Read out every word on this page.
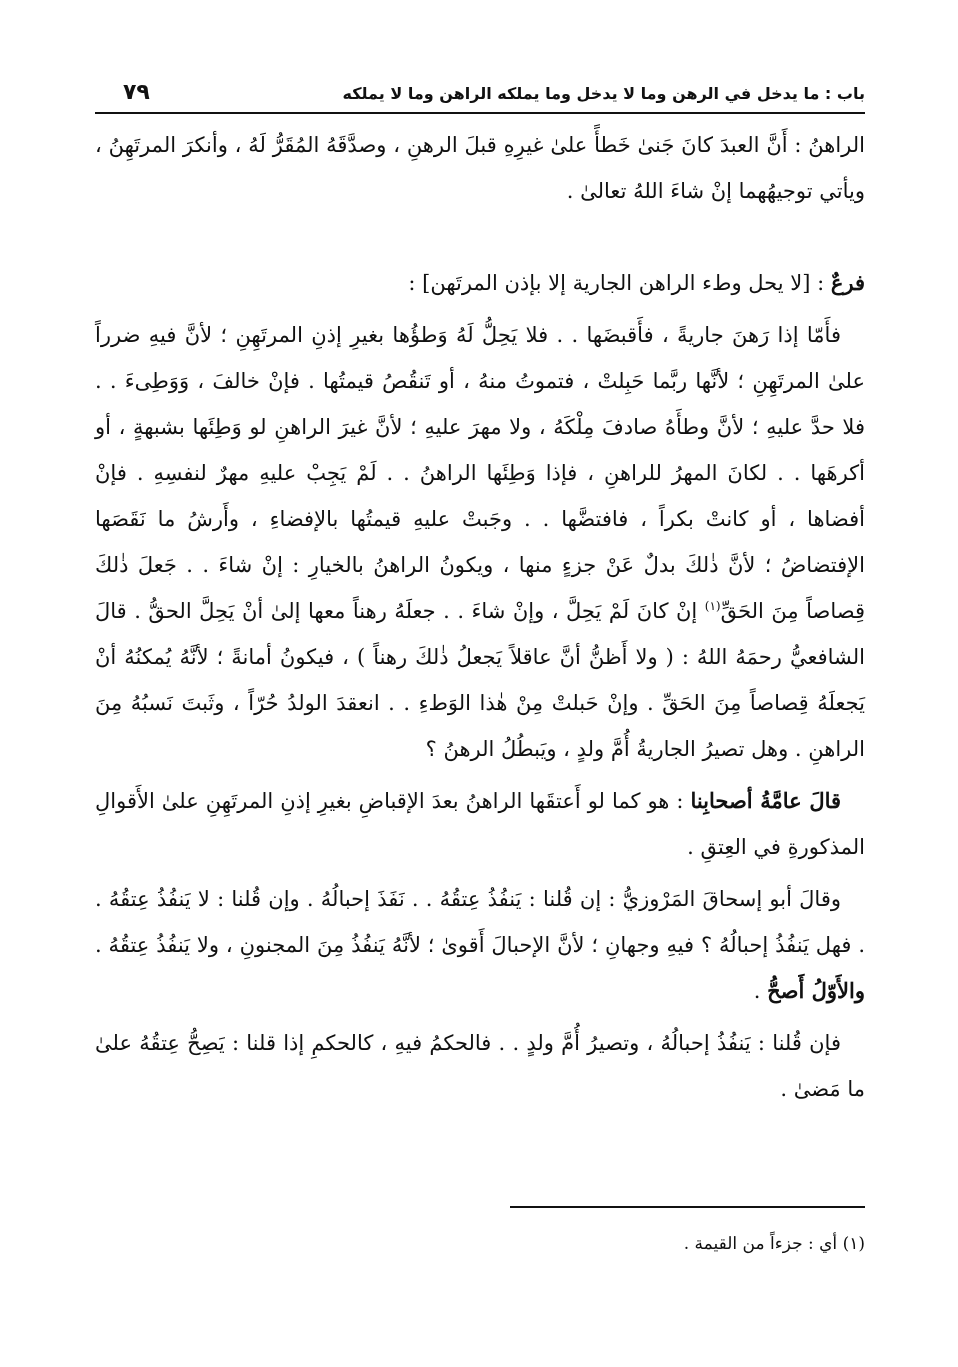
باب : ما يدخل في الرهن وما لا يدخل وما يملكه الراهن وما لا يملكه
٧٩

الراهنُ : أَنَّ العبدَ كانَ جَنىٰ خَطأً علىٰ غيرِهِ قبلَ الرهنِ ، وصدَّقَهُ المُقَرُّ لَهُ ، وأنكرَ المرتَهِنُ ، ويأتي توجيهُهما إنْ شاءَ اللهُ تعالىٰ .

فرعٌ : [لا يحل وطء الراهن الجارية إلا بإذن المرتَهن] :

فأَمّا إذا رَهنَ جاريةً ، فأَقبضَها . . فلا يَحِلُّ لَهُ وَطؤُها بغيرِ إذنِ المرتَهِنِ ؛ لأنَّ فيهِ ضرراً علىٰ المرتَهِنِ ؛ لأنَّها ربَّما حَبِلتْ ، فتموتُ منهُ ، أو تَنقُصُ قيمتُها . فإنْ خالفَ ، وَوَطِىءَ . . فلا حدَّ عليهِ ؛ لأنَّ وطأَهُ صادفَ مِلْكَهُ ، ولا مهرَ عليهِ ؛ لأنَّ غيرَ الراهنِ لو وَطِئَها بشبهةٍ ، أو أكرهَها . . لكانَ المهرُ للراهنِ ، فإذا وَطِئَها الراهنُ . . لَمْ يَجِبْ عليهِ مهرٌ لنفسِهِ . فإنْ أفضاها ، أو كانتْ بكراً ، فافتضَّها . . وجَبتْ عليهِ قيمتُها بالإفضاءِ ، وأَرشُ ما نَقَصَها الإفتضاضُ ؛ لأنَّ ذٰلكَ بدلٌ عَنْ جزءٍ منها ، ويكونُ الراهنُ بالخيارِ : إنْ شاءَ . . جَعلَ ذٰلكَ قِصاصاً مِنَ الحَقِّ$^{(١)}$ إنْ كانَ لَمْ يَحِلَّ ، وإنْ شاءَ . . جعلَهُ رهناً معها إلىٰ أنْ يَحِلَّ الحقُّ . قالَ الشافعيُّ رحمَهُ اللهُ : ( ولا أَظنُّ أنَّ عاقلاً يَجعلُ ذٰلكَ رهناً ) ، فيكونُ أمانةً ؛ لأنَّهُ يُمكنُهُ أنْ يَجعلَهُ قِصاصاً مِنَ الحَقِّ . وإنْ حَبلتْ مِنْ هٰذا الوَطءِ . . انعقدَ الولدُ حُرّاً ، وثَبتَ نَسبُهُ مِنَ الراهنِ . وهل تصيرُ الجاريةُ أُمَّ ولدٍ ، ويَبطُلُ الرهنُ ؟

قالَ عامَّةُ أصحابِنا : هو كما لو أَعتقَها الراهنُ بعدَ الإقباضِ بغيرِ إذنِ المرتَهِنِ علىٰ الأَقوالِ المذكورةِ في العِتقِ .

وقالَ أبو إسحاقَ المَرْوزيُّ : إن قُلنا : يَنفُذُ عِتقُهُ . . نَفَذَ إحبالُهُ . وإن قُلنا : لا يَنفُذُ عِتقُهُ . . فهل يَنفُذُ إحبالُهُ ؟ فيهِ وجهانِ ؛ لأنَّ الإحبالَ أَقوىٰ ؛ لأنَّهُ يَنفُذُ مِنَ المجنونِ ، ولا يَنفُذُ عِتقُهُ . والأَوّلُ أَصحُّ .

فإن قُلنا : يَنفُذُ إحبالُهُ ، وتصيرُ أُمَّ ولدٍ . . فالحكمُ فيهِ ، كالحكمِ إذا قلنا : يَصِحُّ عِتقُهُ علىٰ ما مَضىٰ .

(١) أي : جزءاً من القيمة .
